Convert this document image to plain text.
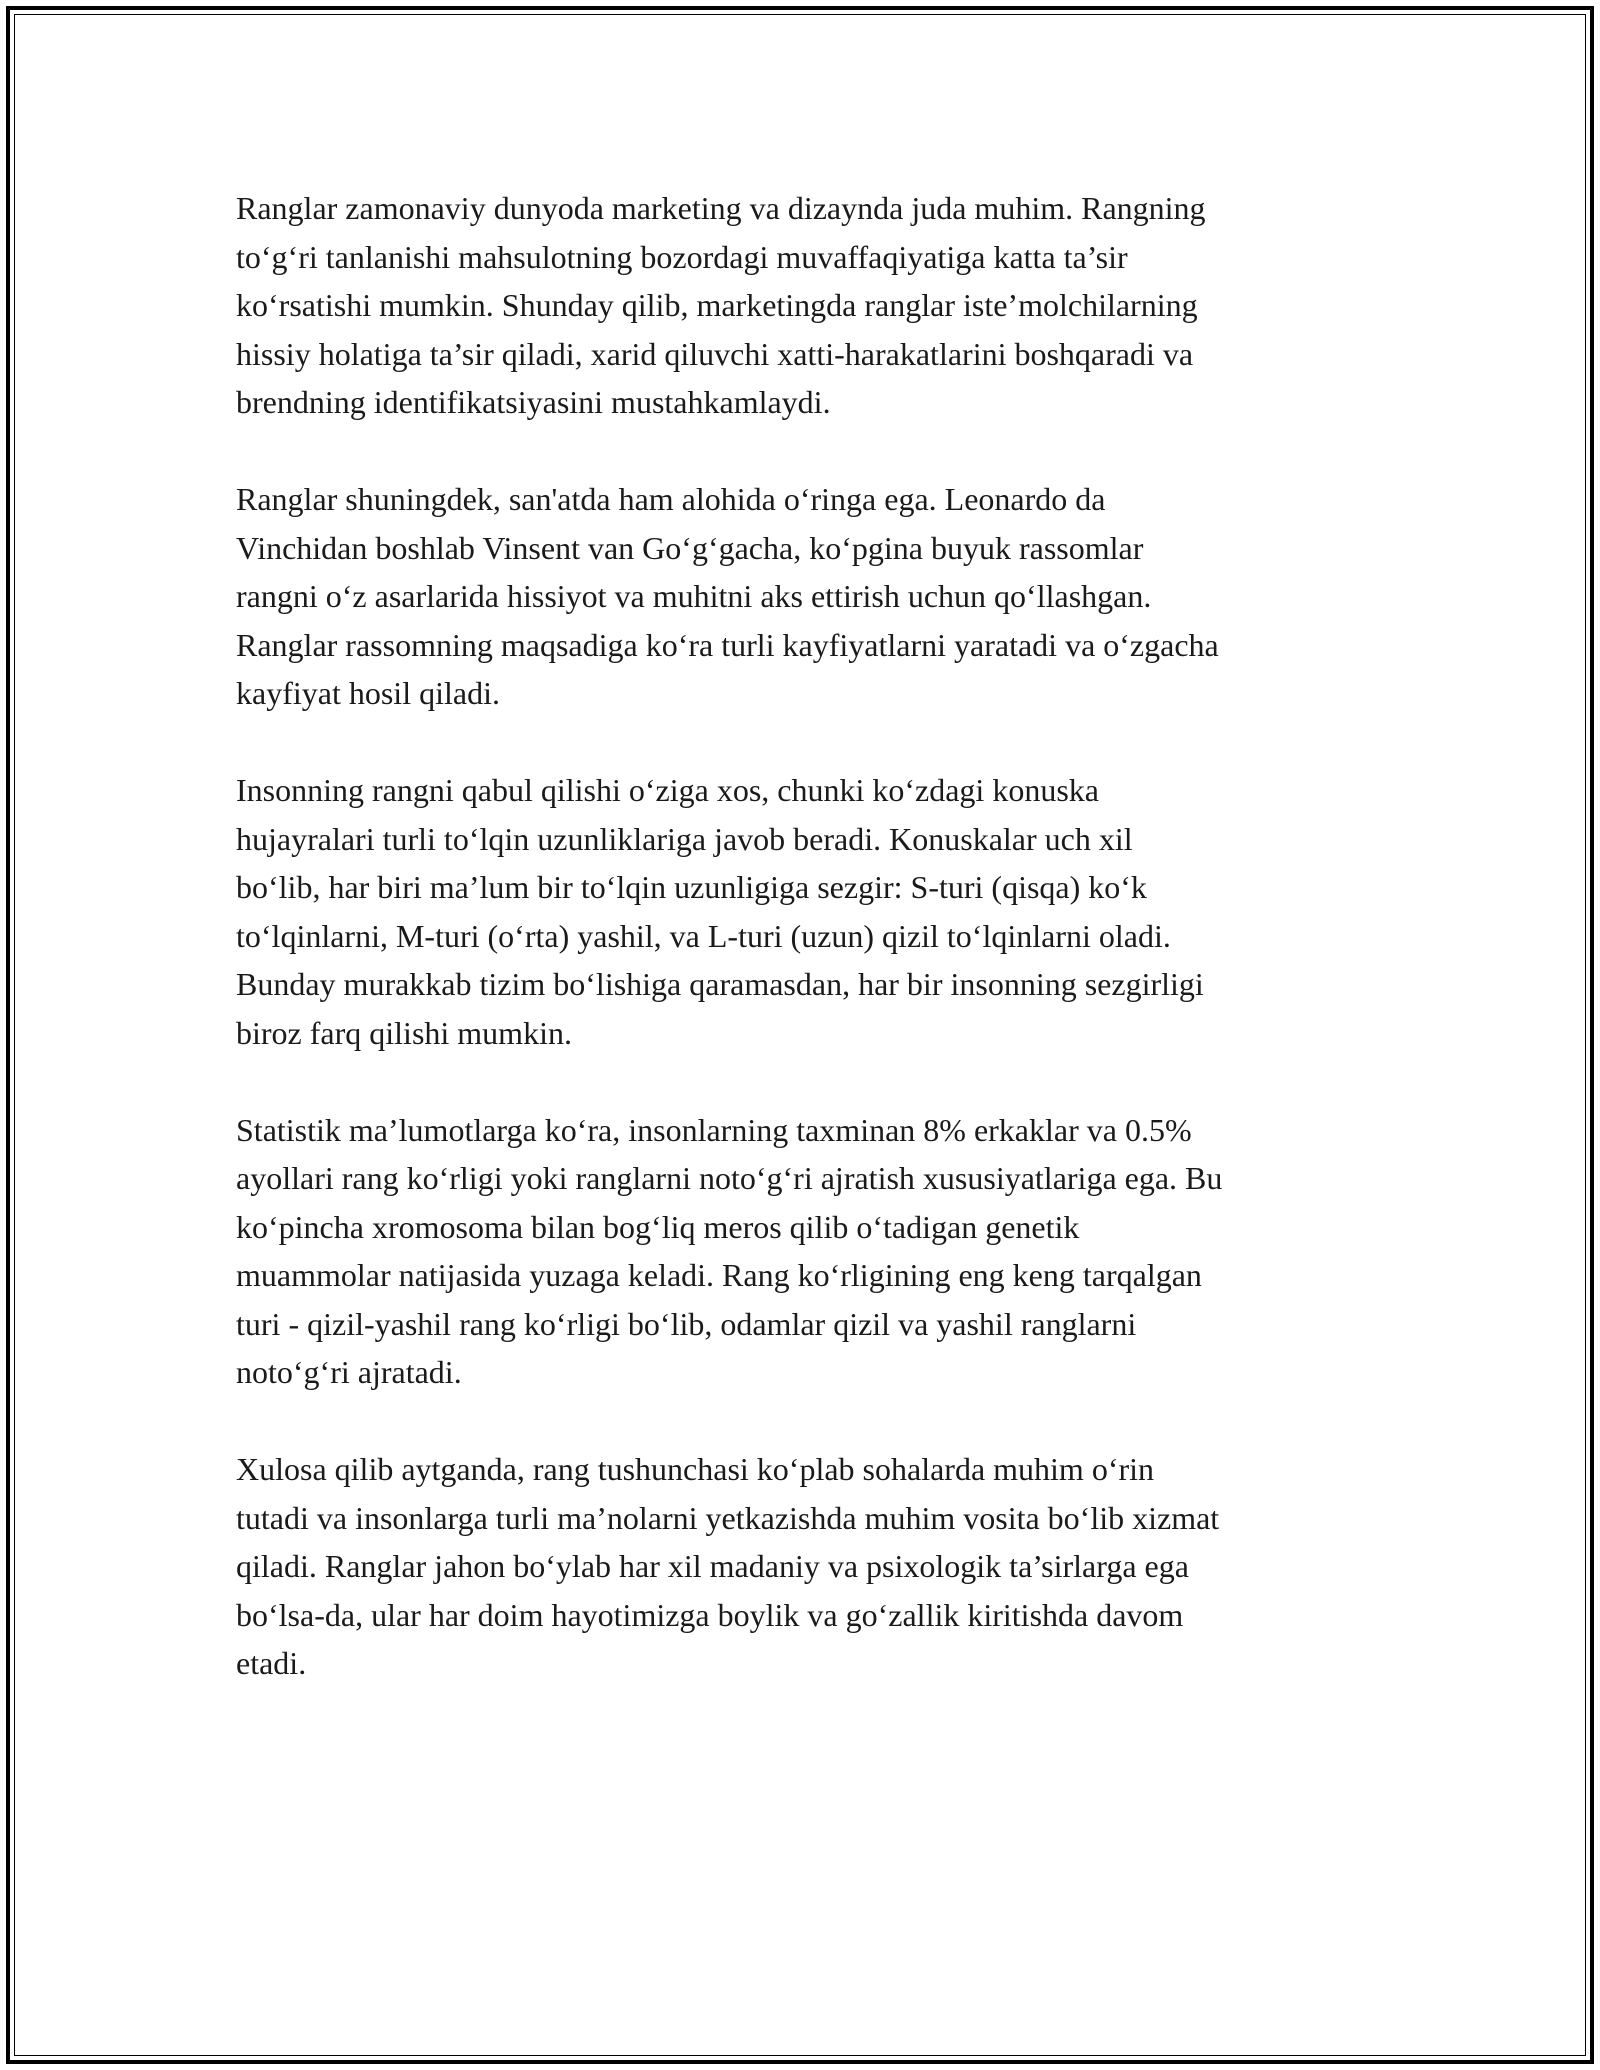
Ranglar zamonaviy dunyoda marketing va dizaynda juda muhim. Rangning
to‘g‘ri tanlanishi mahsulotning bozordagi muvaffaqiyatiga katta ta’sir
ko‘rsatishi mumkin. Shunday qilib, marketingda ranglar iste’molchilarning
hissiy holatiga ta’sir qiladi, xarid qiluvchi xatti-harakatlarini boshqaradi va
brendning identifikatsiyasini mustahkamlaydi.

Ranglar shuningdek, san'atda ham alohida o‘ringa ega. Leonardo da
Vinchidan boshlab Vinsent van Go‘g‘gacha, ko‘pgina buyuk rassomlar
rangni o‘z asarlarida hissiyot va muhitni aks ettirish uchun qo‘llashgan.
Ranglar rassomning maqsadiga ko‘ra turli kayfiyatlarni yaratadi va o‘zgacha
kayfiyat hosil qiladi.

Insonning rangni qabul qilishi o‘ziga xos, chunki ko‘zdagi konuska
hujayralari turli to‘lqin uzunliklariga javob beradi. Konuskalar uch xil
bo‘lib, har biri ma’lum bir to‘lqin uzunligiga sezgir: S-turi (qisqa) ko‘k
to‘lqinlarni, M-turi (o‘rta) yashil, va L-turi (uzun) qizil to‘lqinlarni oladi.
Bunday murakkab tizim bo‘lishiga qaramasdan, har bir insonning sezgirligi
biroz farq qilishi mumkin.

Statistik ma’lumotlarga ko‘ra, insonlarning taxminan 8% erkaklar va 0.5%
ayollari rang ko‘rligi yoki ranglarni noto‘g‘ri ajratish xususiyatlariga ega. Bu
ko‘pincha xromosoma bilan bog‘liq meros qilib o‘tadigan genetik
muammolar natijasida yuzaga keladi. Rang ko‘rligining eng keng tarqalgan
turi - qizil-yashil rang ko‘rligi bo‘lib, odamlar qizil va yashil ranglarni
noto‘g‘ri ajratadi.

Xulosa qilib aytganda, rang tushunchasi ko‘plab sohalarda muhim o‘rin
tutadi va insonlarga turli ma’nolarni yetkazishda muhim vosita bo‘lib xizmat
qiladi. Ranglar jahon bo‘ylab har xil madaniy va psixologik ta’sirlarga ega
bo‘lsa-da, ular har doim hayotimizga boylik va go‘zallik kiritishda davom
etadi.
